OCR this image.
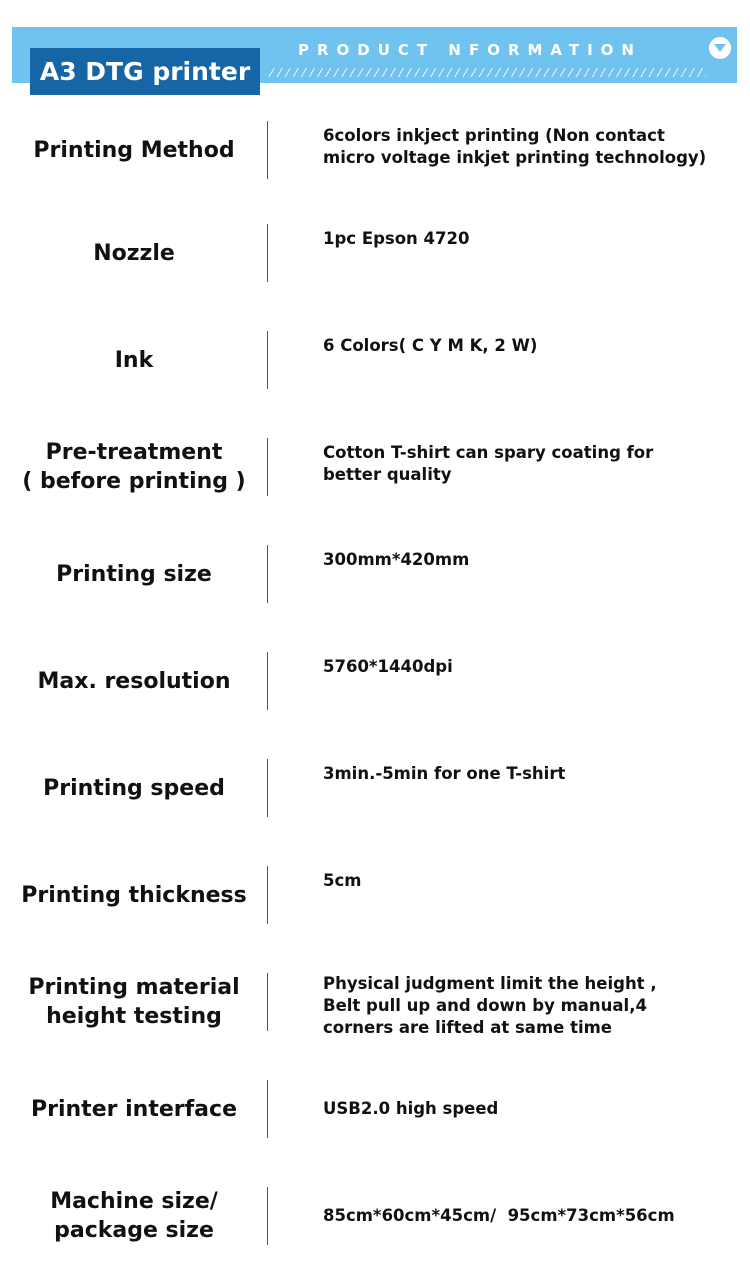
PRODUCT NFORMATION
A3 DTG printer
Printing Method
6colors inkject printing (Non contact
micro voltage inkjet printing technology)
Nozzle
1pc Epson 4720
Ink
6 Colors( C Y M K, 2 W)
Pre-treatment
( before printing )
Cotton T-shirt can spary coating for
better quality
Printing size
300mm*420mm
Max. resolution
5760*1440dpi
Printing speed
3min.-5min for one T-shirt
Printing thickness
5cm
Printing material
height testing
Physical judgment limit the height ,
Belt pull up and down by manual,4
corners are lifted at same time
Printer interface	USB2.0 high speed
Machine size/
package size
85cm*60cm*45cm/  95cm*73cm*56cm
